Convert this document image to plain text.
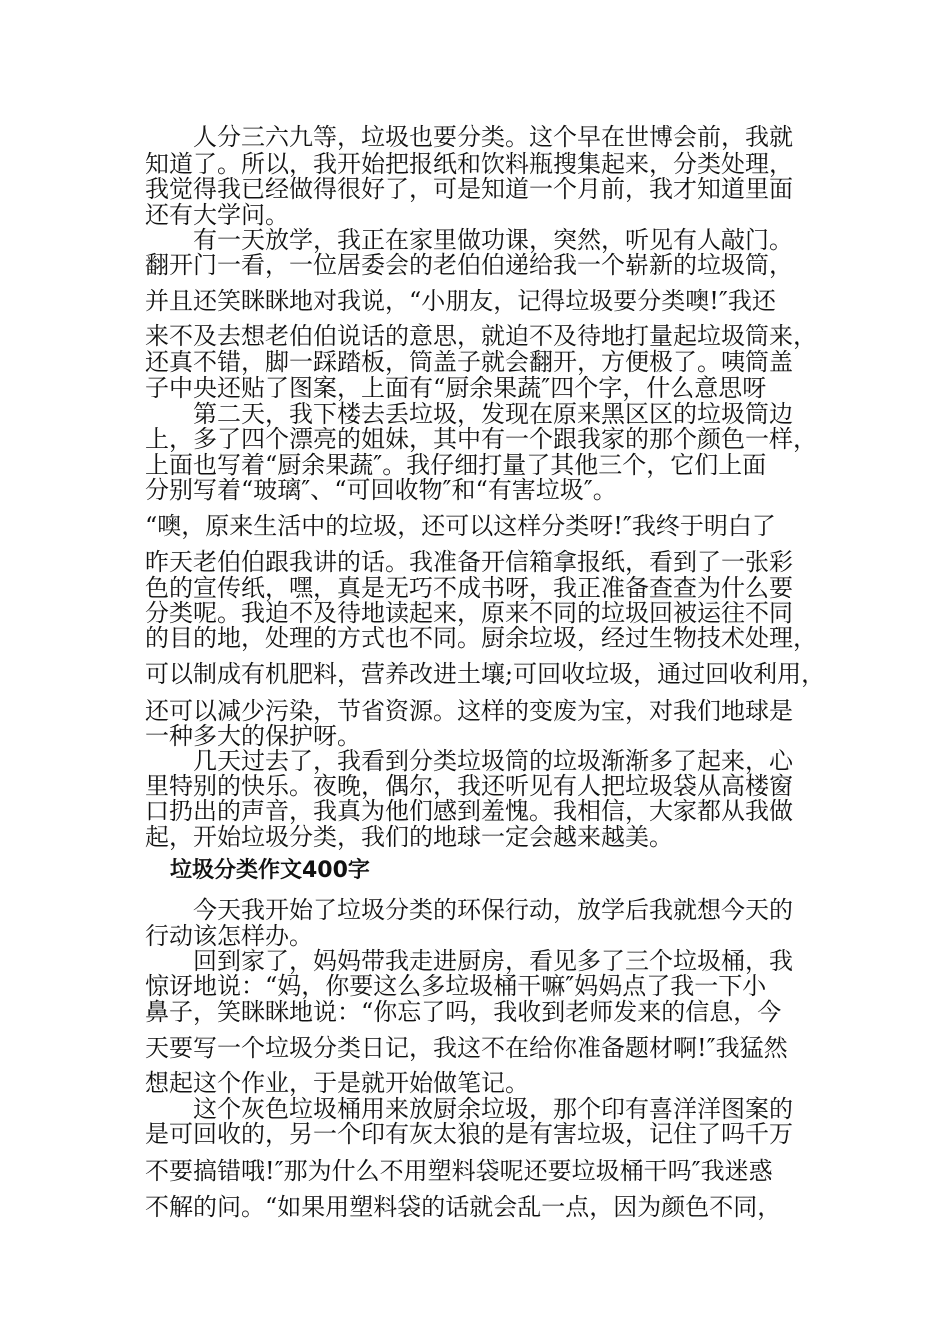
人分三六九等，垃圾也要分类。这个早在世博会前，我就

知道了。所以，我开始把报纸和饮料瓶搜集起来，分类处理，

我觉得我已经做得很好了，可是知道一个月前，我才知道里面

还有大学问。

有一天放学，我正在家里做功课，突然，听见有人敲门。

翻开门一看，一位居委会的老伯伯递给我一个崭新的垃圾筒，

并且还笑眯眯地对我说，“小朋友，记得垃圾要分类噢!″我还

来不及去想老伯伯说话的意思，就迫不及待地打量起垃圾筒来，

还真不错，脚一踩踏板，筒盖子就会翻开，方便极了。咦筒盖

子中央还贴了图案，上面有“厨余果蔬″四个字，什么意思呀

第二天，我下楼去丢垃圾，发现在原来黑区区的垃圾筒边

上，多了四个漂亮的姐妹，其中有一个跟我家的那个颜色一样，

上面也写着“厨余果蔬″。我仔细打量了其他三个，它们上面

分别写着“玻璃″、“可回收物″和“有害垃圾″。

“噢，原来生活中的垃圾，还可以这样分类呀!″我终于明白了

昨天老伯伯跟我讲的话。我准备开信箱拿报纸，看到了一张彩

色的宣传纸，嘿，真是无巧不成书呀，我正准备查查为什么要

分类呢。我迫不及待地读起来，原来不同的垃圾回被运往不同

的目的地，处理的方式也不同。厨余垃圾，经过生物技术处理，

可以制成有机肥料，营养改进土壤;可回收垃圾，通过回收利用，

还可以减少污染，节省资源。这样的变废为宝，对我们地球是

一种多大的保护呀。

几天过去了，我看到分类垃圾筒的垃圾渐渐多了起来，心

里特别的快乐。夜晚，偶尔，我还听见有人把垃圾袋从高楼窗

口扔出的声音，我真为他们感到羞愧。我相信，大家都从我做

起，开始垃圾分类，我们的地球一定会越来越美。

垃圾分类作文400字

今天我开始了垃圾分类的环保行动，放学后我就想今天的

行动该怎样办。

回到家了，妈妈带我走进厨房，看见多了三个垃圾桶，我

惊讶地说：“妈，你要这么多垃圾桶干嘛″妈妈点了我一下小

鼻子，笑眯眯地说：“你忘了吗，我收到老师发来的信息，今

天要写一个垃圾分类日记，我这不在给你准备题材啊!″我猛然

想起这个作业，于是就开始做笔记。

这个灰色垃圾桶用来放厨余垃圾，那个印有喜洋洋图案的

是可回收的，另一个印有灰太狼的是有害垃圾，记住了吗千万

不要搞错哦!″那为什么不用塑料袋呢还要垃圾桶干吗″我迷惑

不解的问。“如果用塑料袋的话就会乱一点，因为颜色不同，
